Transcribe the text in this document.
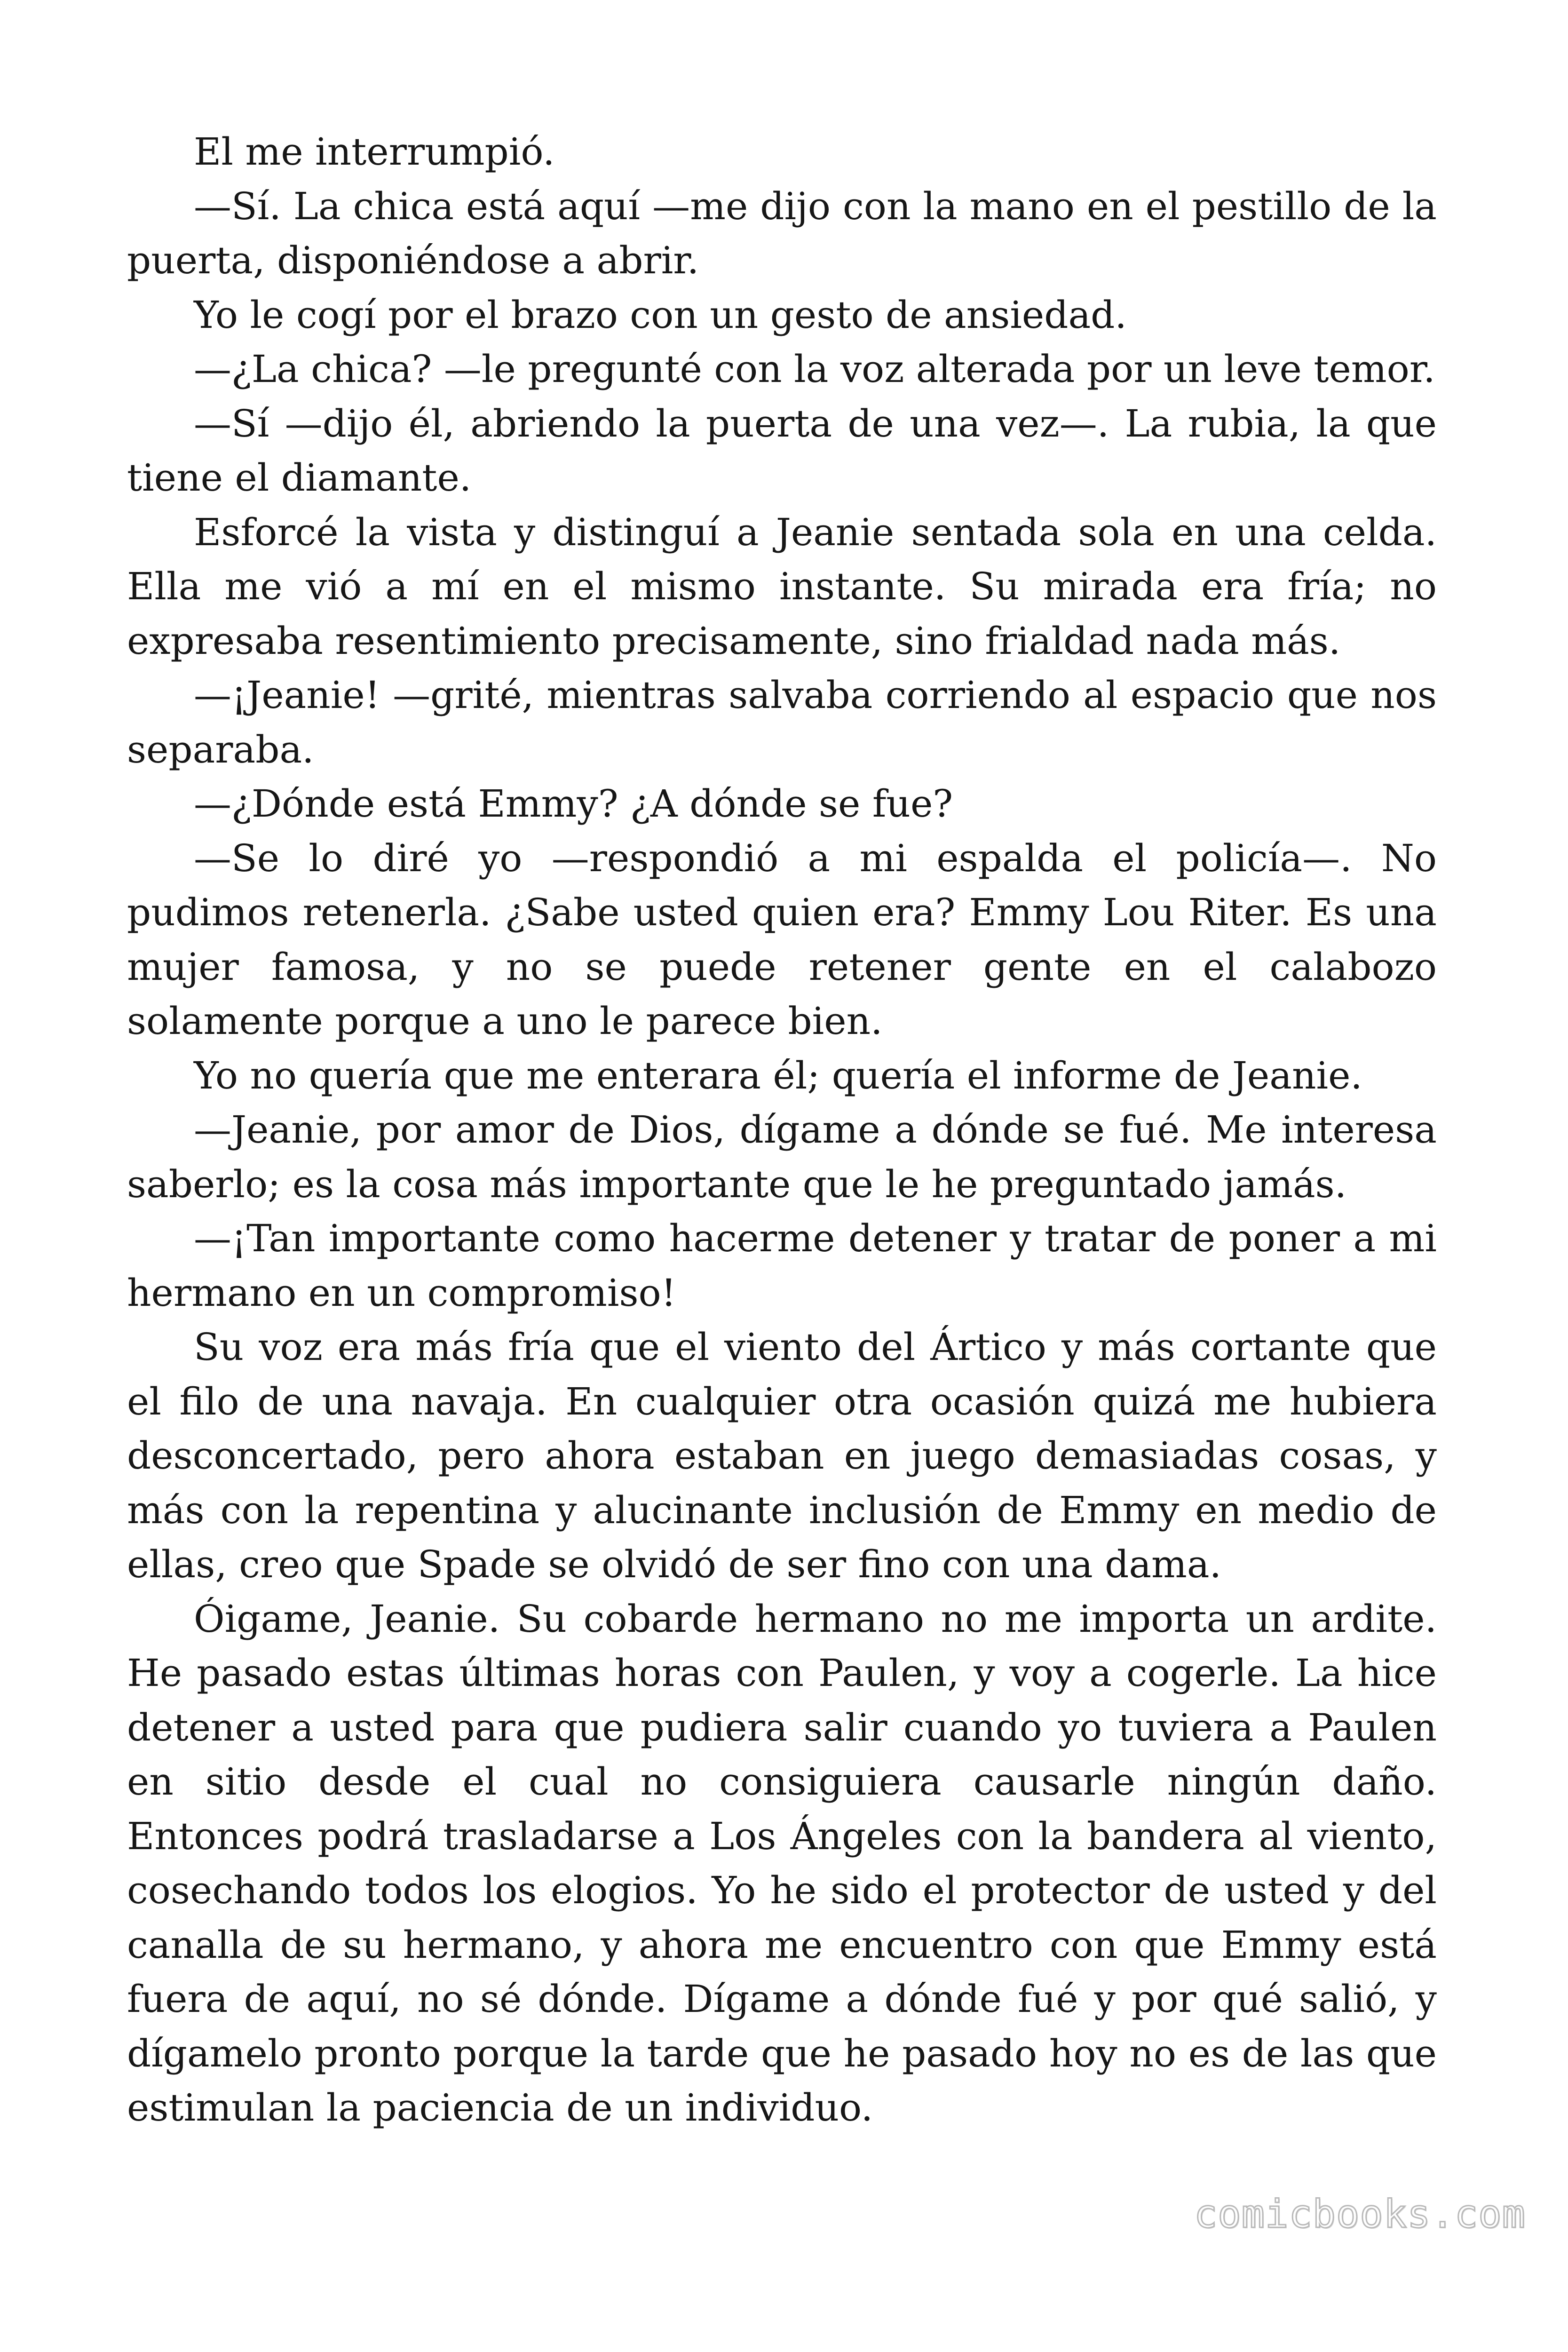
El me interrumpió.

—Sí. La chica está aquí —me dijo con la mano en el pestillo de la puerta, disponiéndose a abrir.

Yo le cogí por el brazo con un gesto de ansiedad.

—¿La chica? —le pregunté con la voz alterada por un leve temor.

—Sí —dijo él, abriendo la puerta de una vez—. La rubia, la que tiene el diamante.

Esforcé la vista y distinguí a Jeanie sentada sola en una celda. Ella me vió a mí en el mismo instante. Su mirada era fría; no expresaba resentimiento precisamente, sino frialdad nada más.

—¡Jeanie! —grité, mientras salvaba corriendo al espacio que nos separaba.

—¿Dónde está Emmy? ¿A dónde se fue?

—Se lo diré yo —respondió a mi espalda el policía—. No pudimos retenerla. ¿Sabe usted quien era? Emmy Lou Riter. Es una mujer famosa, y no se puede retener gente en el calabozo solamente porque a uno le parece bien.

Yo no quería que me enterara él; quería el informe de Jeanie.

—Jeanie, por amor de Dios, dígame a dónde se fué. Me interesa saberlo; es la cosa más importante que le he preguntado jamás.

—¡Tan importante como hacerme detener y tratar de poner a mi hermano en un compromiso!

Su voz era más fría que el viento del Ártico y más cortante que el filo de una navaja. En cualquier otra ocasión quizá me hubiera desconcertado, pero ahora estaban en juego demasiadas cosas, y más con la repentina y alucinante inclusión de Emmy en medio de ellas, creo que Spade se olvidó de ser fino con una dama.

Óigame, Jeanie. Su cobarde hermano no me importa un ardite. He pasado estas últimas horas con Paulen, y voy a cogerle. La hice detener a usted para que pudiera salir cuando yo tuviera a Paulen en sitio desde el cual no consiguiera causarle ningún daño. Entonces podrá trasladarse a Los Ángeles con la bandera al viento, cosechando todos los elogios. Yo he sido el protector de usted y del canalla de su hermano, y ahora me encuentro con que Emmy está fuera de aquí, no sé dónde. Dígame a dónde fué y por qué salió, y dígamelo pronto porque la tarde que he pasado hoy no es de las que estimulan la paciencia de un individuo.

comicbooks.com
